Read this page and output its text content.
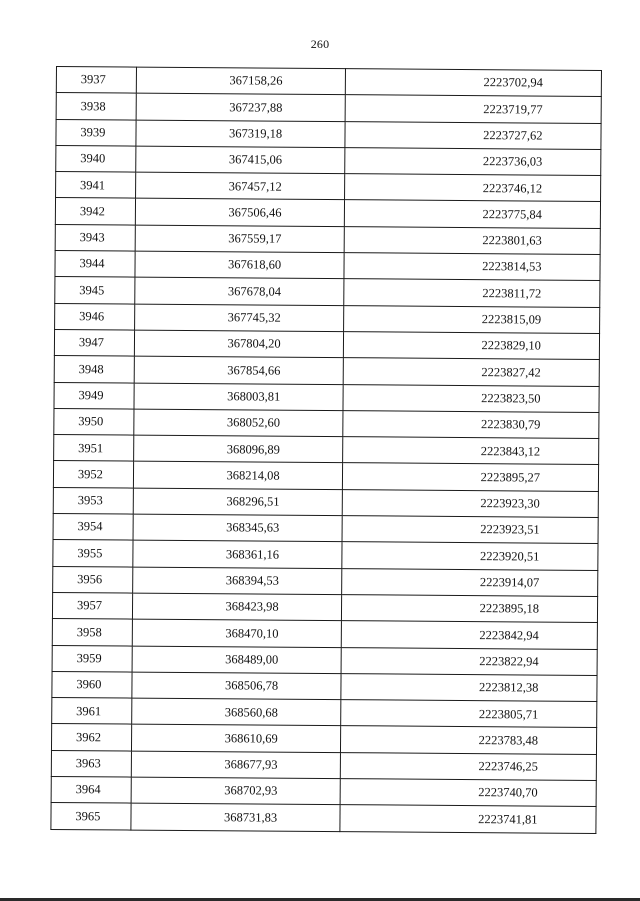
260
3937	367158,26	2223702,94
3938	367237,88	2223719,77
3939	367319,18	2223727,62
3940	367415,06	2223736,03
3941	367457,12	2223746,12
3942	367506,46	2223775,84
3943	367559,17	2223801,63
3944	367618,60	2223814,53
3945	367678,04	2223811,72
3946	367745,32	2223815,09
3947	367804,20	2223829,10
3948	367854,66	2223827,42
3949	368003,81	2223823,50
3950	368052,60	2223830,79
3951	368096,89	2223843,12
3952	368214,08	2223895,27
3953	368296,51	2223923,30
3954	368345,63	2223923,51
3955	368361,16	2223920,51
3956	368394,53	2223914,07
3957	368423,98	2223895,18
3958	368470,10	2223842,94
3959	368489,00	2223822,94
3960	368506,78	2223812,38
3961	368560,68	2223805,71
3962	368610,69	2223783,48
3963	368677,93	2223746,25
3964	368702,93	2223740,70
3965	368731,83	2223741,81
